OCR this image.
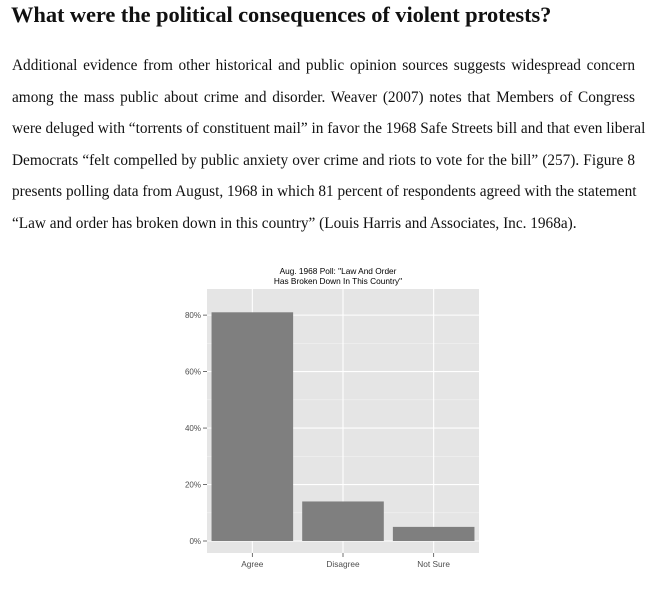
What were the political consequences of violent protests?
Additional evidence from other historical and public opinion sources suggests widespread concern
among the mass public about crime and disorder. Weaver (2007) notes that Members of Congress
were deluged with “torrents of constituent mail” in favor the 1968 Safe Streets bill and that even liberal
Democrats “felt compelled by public anxiety over crime and riots to vote for the bill” (257). Figure 8
presents polling data from August, 1968 in which 81 percent of respondents agreed with the statement
“Law and order has broken down in this country” (Louis Harris and Associates, Inc. 1968a).
Aug. 1968 Poll: "Law And Order
Has Broken Down In This Country"
0%
20%
40%
60%
80%
Agree	Disagree	Not Sure
